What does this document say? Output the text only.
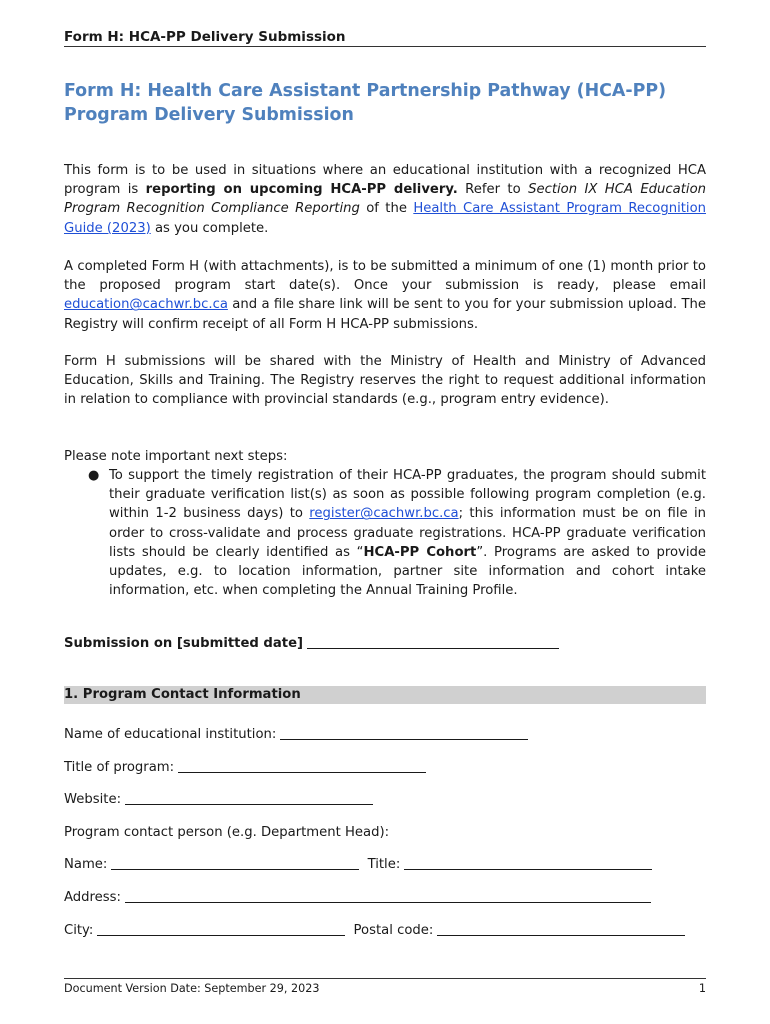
Form H: HCA-PP Delivery Submission
Form H: Health Care Assistant Partnership Pathway (HCA-PP)
Program Delivery Submission
This form is to be used in situations where an educational institution with a recognized HCA program is reporting on upcoming HCA-PP delivery. Refer to Section IX HCA Education Program Recognition Compliance Reporting of the Health Care Assistant Program Recognition Guide (2023) as you complete.
A completed Form H (with attachments), is to be submitted a minimum of one (1) month prior to the proposed program start date(s). Once your submission is ready, please email education@cachwr.bc.ca and a file share link will be sent to you for your submission upload. The Registry will confirm receipt of all Form H HCA-PP submissions.
Form H submissions will be shared with the Ministry of Health and Ministry of Advanced Education, Skills and Training. The Registry reserves the right to request additional information in relation to compliance with provincial standards (e.g., program entry evidence).
Please note important next steps:
● To support the timely registration of their HCA-PP graduates, the program should submit their graduate verification list(s) as soon as possible following program completion (e.g. within 1-2 business days) to register@cachwr.bc.ca; this information must be on file in order to cross-validate and process graduate registrations. HCA-PP graduate verification lists should be clearly identified as “HCA-PP Cohort”. Programs are asked to provide updates, e.g. to location information, partner site information and cohort intake information, etc. when completing the Annual Training Profile.
Submission on [submitted date]
1. Program Contact Information
Name of educational institution:
Title of program:
Website:
Program contact person (e.g. Department Head):
Name:	Title:
Address:
City:	Postal code:
Document Version Date: September 29, 2023	1
